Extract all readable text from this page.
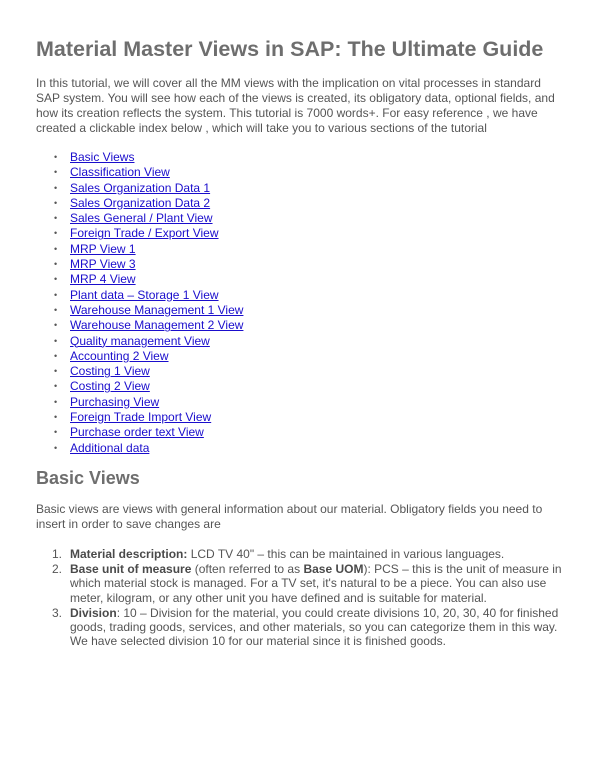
Material Master Views in SAP: The Ultimate Guide

In this tutorial, we will cover all the MM views with the implication on vital processes in standard SAP system. You will see how each of the views is created, its obligatory data, optional fields, and how its creation reflects the system. This tutorial is 7000 words+. For easy reference , we have created a clickable index below , which will take you to various sections of the tutorial

• Basic Views
• Classification View
• Sales Organization Data 1
• Sales Organization Data 2
• Sales General / Plant View
• Foreign Trade / Export View
• MRP View 1
• MRP View 3
• MRP 4 View
• Plant data – Storage 1 View
• Warehouse Management 1 View
• Warehouse Management 2 View
• Quality management View
• Accounting 2 View
• Costing 1 View
• Costing 2 View
• Purchasing View
• Foreign Trade Import View
• Purchase order text View
• Additional data
Basic Views

Basic views are views with general information about our material. Obligatory fields you need to insert in order to save changes are

1. Material description: LCD TV 40" – this can be maintained in various languages.
2. Base unit of measure (often referred to as Base UOM): PCS – this is the unit of measure in which material stock is managed. For a TV set, it's natural to be a piece. You can also use meter, kilogram, or any other unit you have defined and is suitable for material.
3. Division: 10 – Division for the material, you could create divisions 10, 20, 30, 40 for finished goods, trading goods, services, and other materials, so you can categorize them in this way. We have selected division 10 for our material since it is finished goods.
